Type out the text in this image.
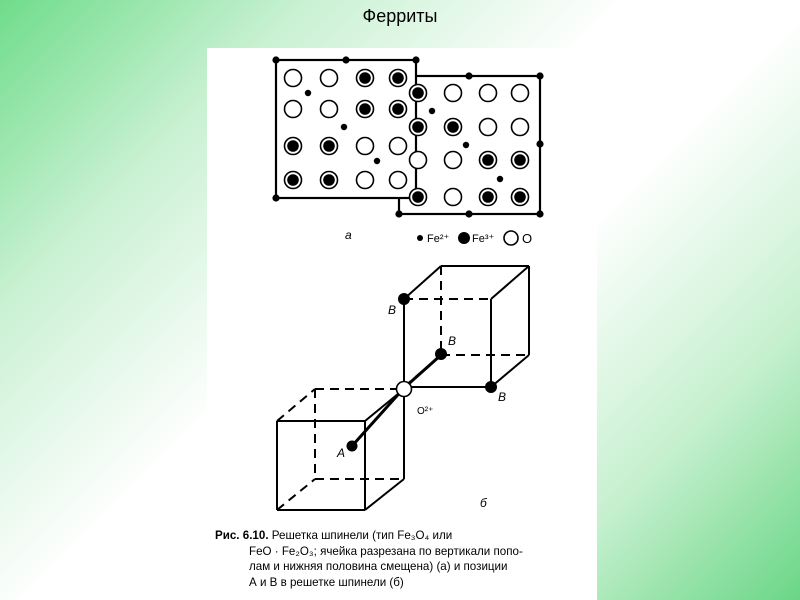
Ферриты
а	Fe²⁺ Fe³⁺ O
B
B
B
A
O²⁺
б
Рис. 6.10. Решетка шпинели (тип Fe₃O₄ или
FeO · Fe₂O₃; ячейка разрезана по вертикали попо-
лам и нижняя половина смещена) (а) и позиции
А и В в решетке шпинели (б)
